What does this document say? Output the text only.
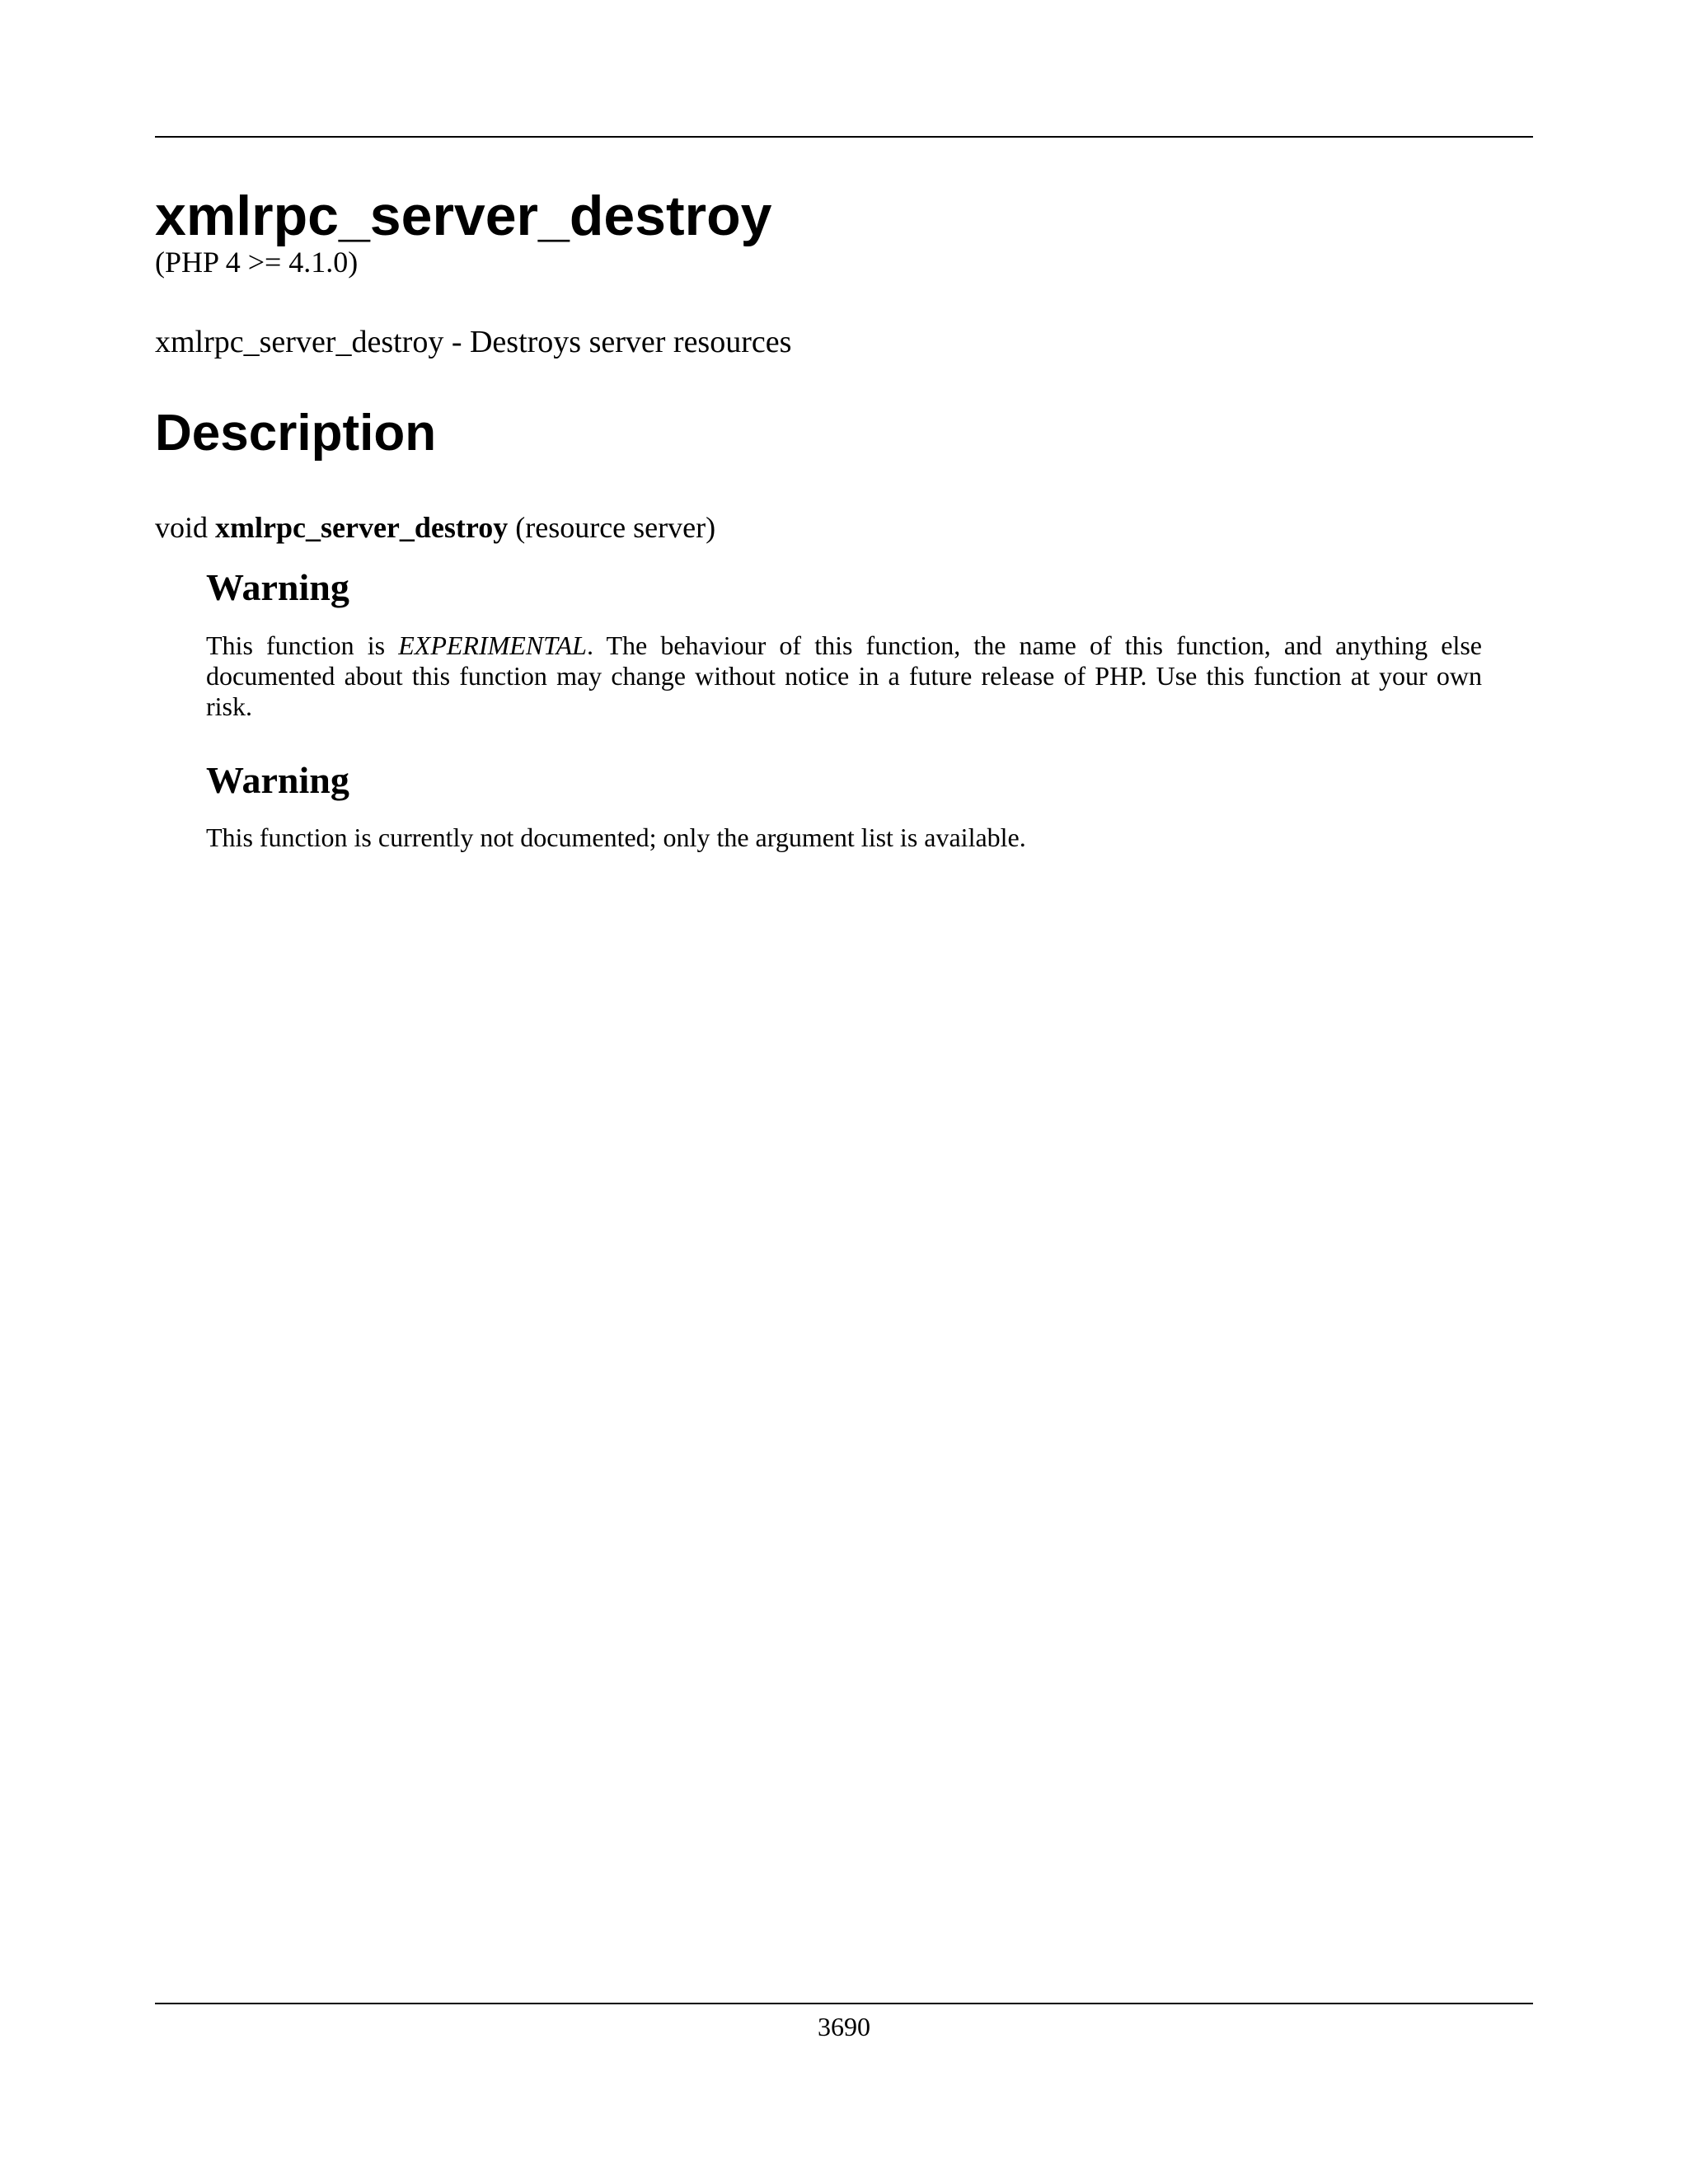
xmlrpc_server_destroy
(PHP 4 >= 4.1.0)
xmlrpc_server_destroy - Destroys server resources
Description
void xmlrpc_server_destroy (resource server)
Warning

This function is EXPERIMENTAL. The behaviour of this function, the name of this function, and anything else documented about this function may change without notice in a future release of PHP. Use this function at your own risk.

Warning

This function is currently not documented; only the argument list is available.

3690
